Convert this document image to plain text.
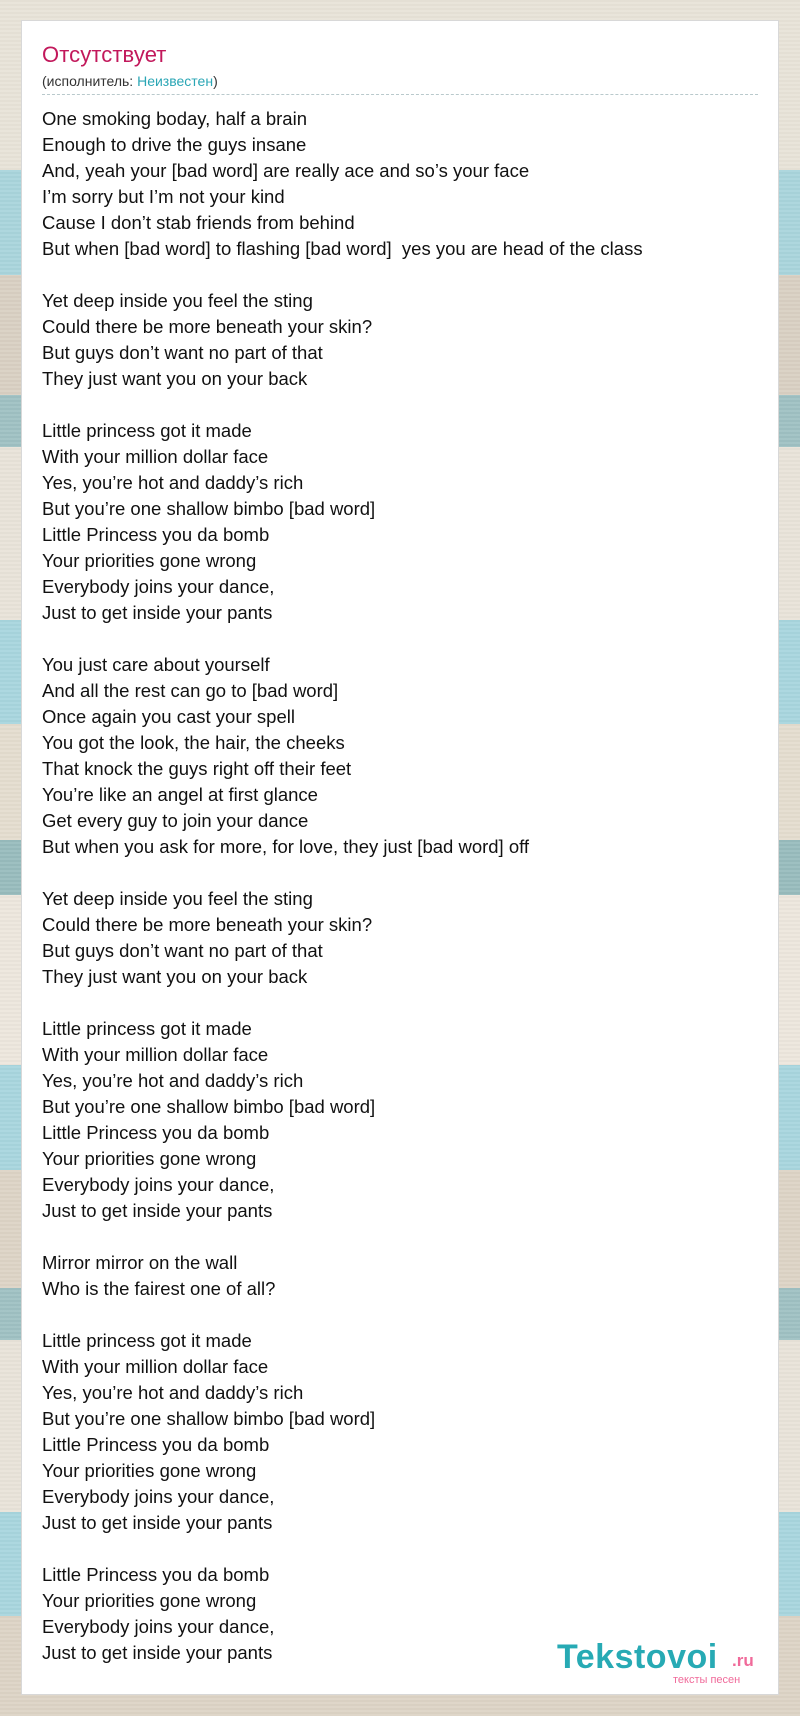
Отсутствует
(исполнитель: Неизвестен)
One smoking boday, half a brain
Enough to drive the guys insane
And, yeah your [bad word] are really ace and so’s your face
I’m sorry but I’m not your kind
Cause I don’t stab friends from behind
But when [bad word] to flashing [bad word]  yes you are head of the class
Yet deep inside you feel the sting
Could there be more beneath your skin?
But guys don’t want no part of that
They just want you on your back
Little princess got it made
With your million dollar face
Yes, you’re hot and daddy’s rich
But you’re one shallow bimbo [bad word]
Little Princess you da bomb
Your priorities gone wrong
Everybody joins your dance,
Just to get inside your pants
You just care about yourself
And all the rest can go to [bad word]
Once again you cast your spell
You got the look, the hair, the cheeks
That knock the guys right off their feet
You’re like an angel at first glance
Get every guy to join your dance
But when you ask for more, for love, they just [bad word] off
Yet deep inside you feel the sting
Could there be more beneath your skin?
But guys don’t want no part of that
They just want you on your back
Little princess got it made
With your million dollar face
Yes, you’re hot and daddy’s rich
But you’re one shallow bimbo [bad word]
Little Princess you da bomb
Your priorities gone wrong
Everybody joins your dance,
Just to get inside your pants
Mirror mirror on the wall
Who is the fairest one of all?
Little princess got it made
With your million dollar face
Yes, you’re hot and daddy’s rich
But you’re one shallow bimbo [bad word]
Little Princess you da bomb
Your priorities gone wrong
Everybody joins your dance,
Just to get inside your pants
Little Princess you da bomb
Your priorities gone wrong
Everybody joins your dance,
Just to get inside your pants	Tekstovoi .ru
тексты песен
